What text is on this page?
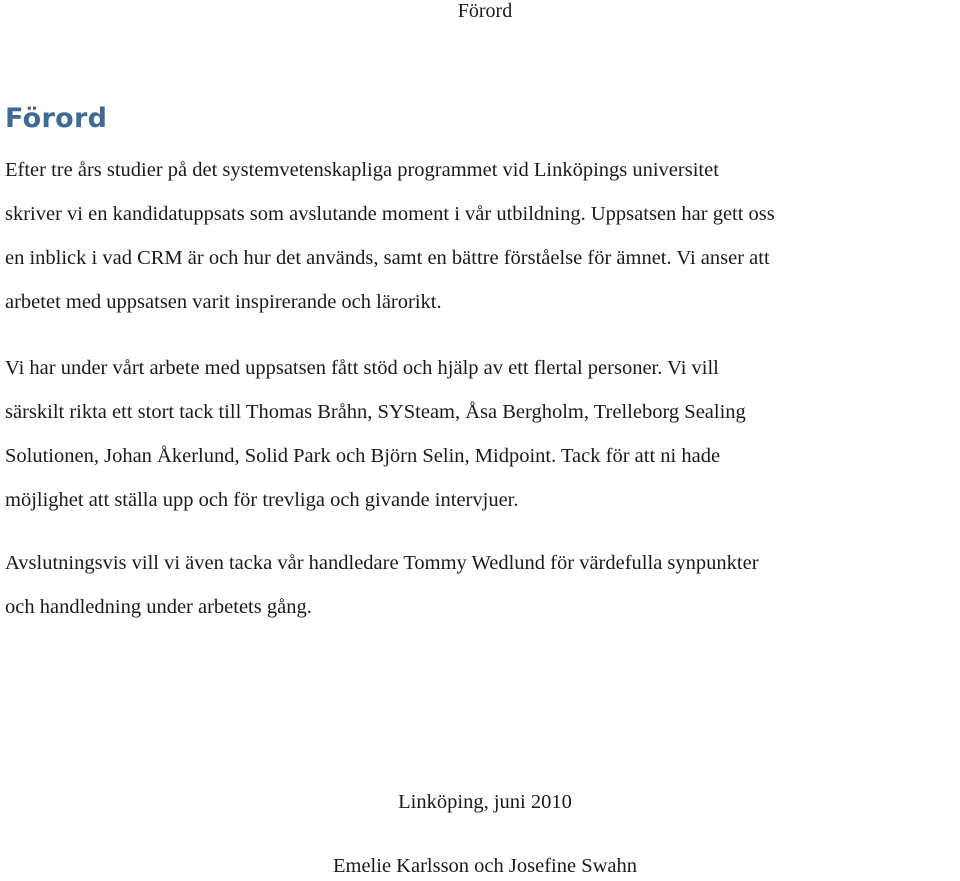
Förord
Förord

Efter tre års studier på det systemvetenskapliga programmet vid Linköpings universitet
skriver vi en kandidatuppsats som avslutande moment i vår utbildning. Uppsatsen har gett oss
en inblick i vad CRM är och hur det används, samt en bättre förståelse för ämnet. Vi anser att
arbetet med uppsatsen varit inspirerande och lärorikt.

Vi har under vårt arbete med uppsatsen fått stöd och hjälp av ett flertal personer. Vi vill
särskilt rikta ett stort tack till Thomas Bråhn, SYSteam, Åsa Bergholm, Trelleborg Sealing
Solutionen, Johan Åkerlund, Solid Park och Björn Selin, Midpoint. Tack för att ni hade
möjlighet att ställa upp och för trevliga och givande intervjuer.

Avslutningsvis vill vi även tacka vår handledare Tommy Wedlund för värdefulla synpunkter
och handledning under arbetets gång.

Linköping, juni 2010

Emelie Karlsson och Josefine Swahn
